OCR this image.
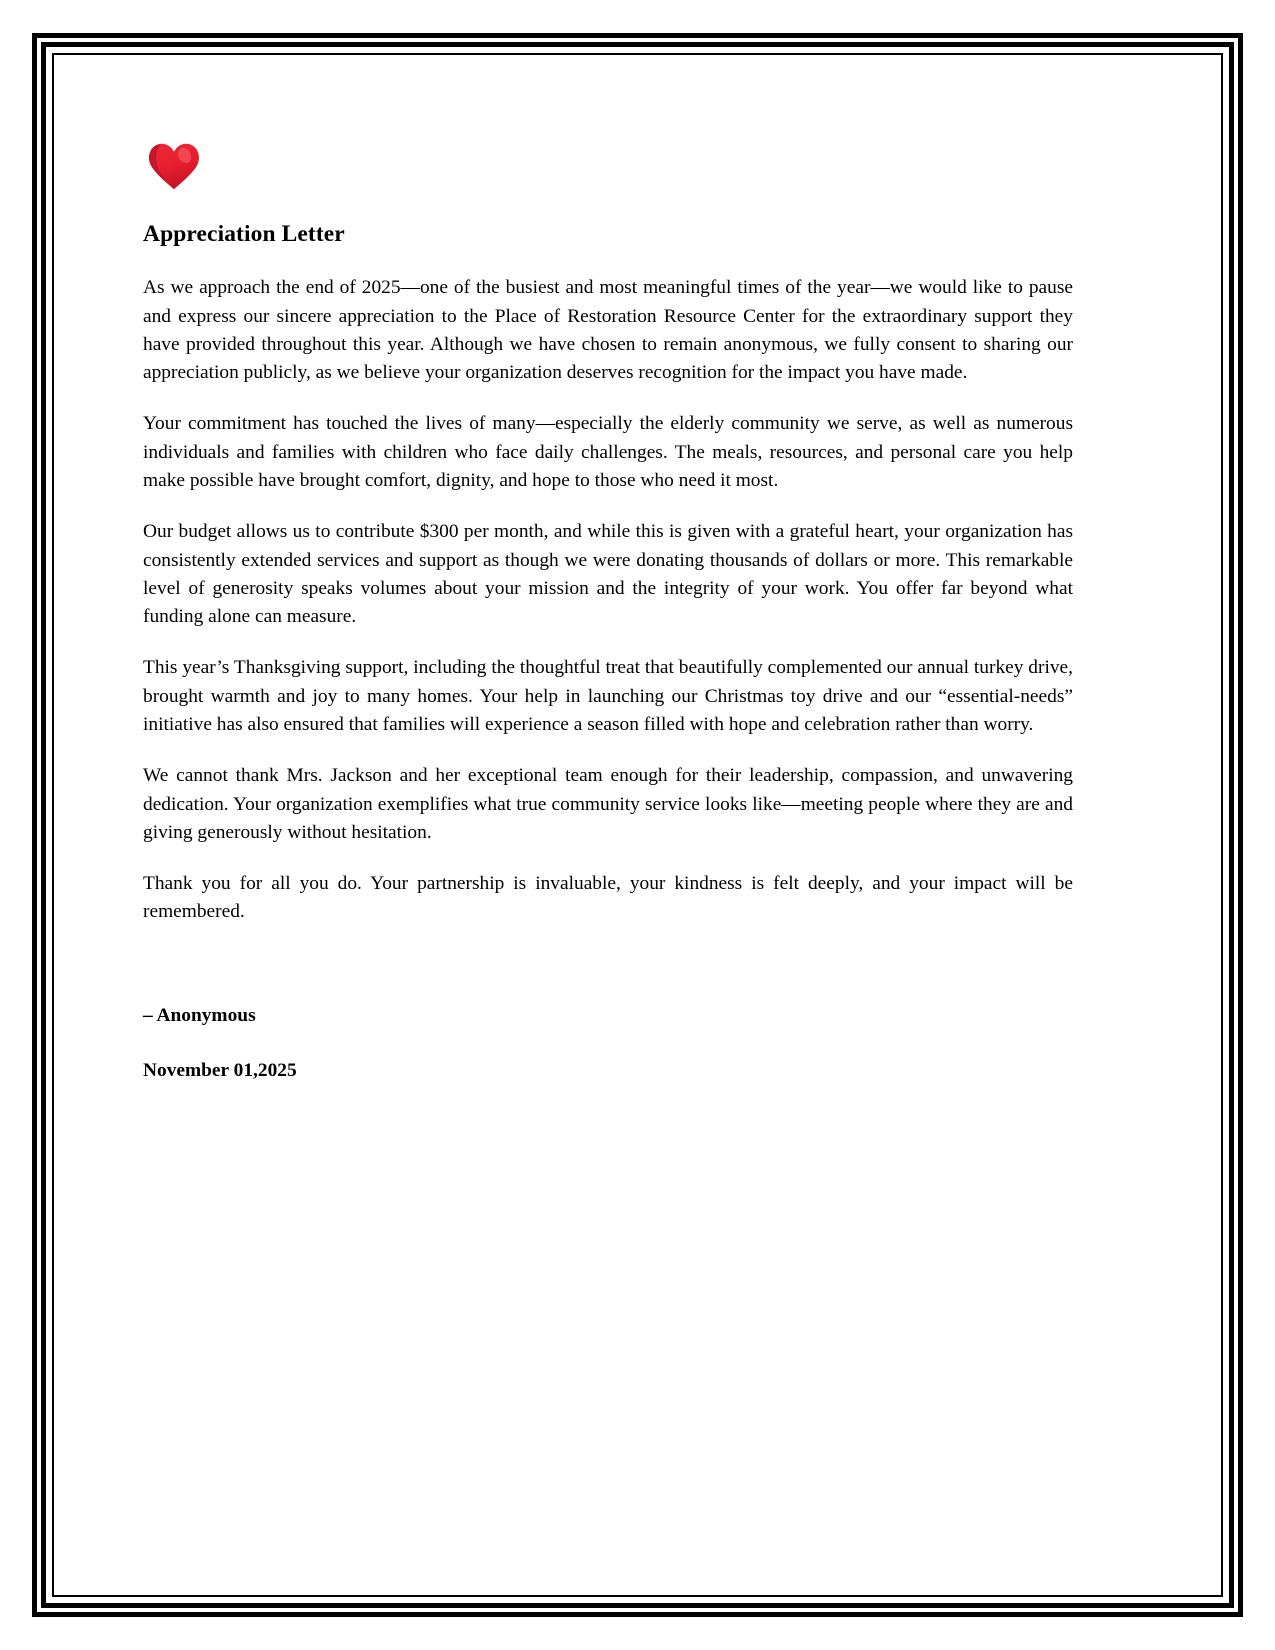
Appreciation Letter

As we approach the end of 2025—one of the busiest and most meaningful times of the year—we would like to pause and express our sincere appreciation to the Place of Restoration Resource Center for the extraordinary support they have provided throughout this year. Although we have chosen to remain anonymous, we fully consent to sharing our appreciation publicly, as we believe your organization deserves recognition for the impact you have made.

Your commitment has touched the lives of many—especially the elderly community we serve, as well as numerous individuals and families with children who face daily challenges. The meals, resources, and personal care you help make possible have brought comfort, dignity, and hope to those who need it most.

Our budget allows us to contribute $300 per month, and while this is given with a grateful heart, your organization has consistently extended services and support as though we were donating thousands of dollars or more. This remarkable level of generosity speaks volumes about your mission and the integrity of your work. You offer far beyond what funding alone can measure.

This year’s Thanksgiving support, including the thoughtful treat that beautifully complemented our annual turkey drive, brought warmth and joy to many homes. Your help in launching our Christmas toy drive and our “essential-needs” initiative has also ensured that families will experience a season filled with hope and celebration rather than worry.

We cannot thank Mrs. Jackson and her exceptional team enough for their leadership, compassion, and unwavering dedication. Your organization exemplifies what true community service looks like—meeting people where they are and giving generously without hesitation.

Thank you for all you do. Your partnership is invaluable, your kindness is felt deeply, and your impact will be remembered.

– Anonymous
November 01,2025
